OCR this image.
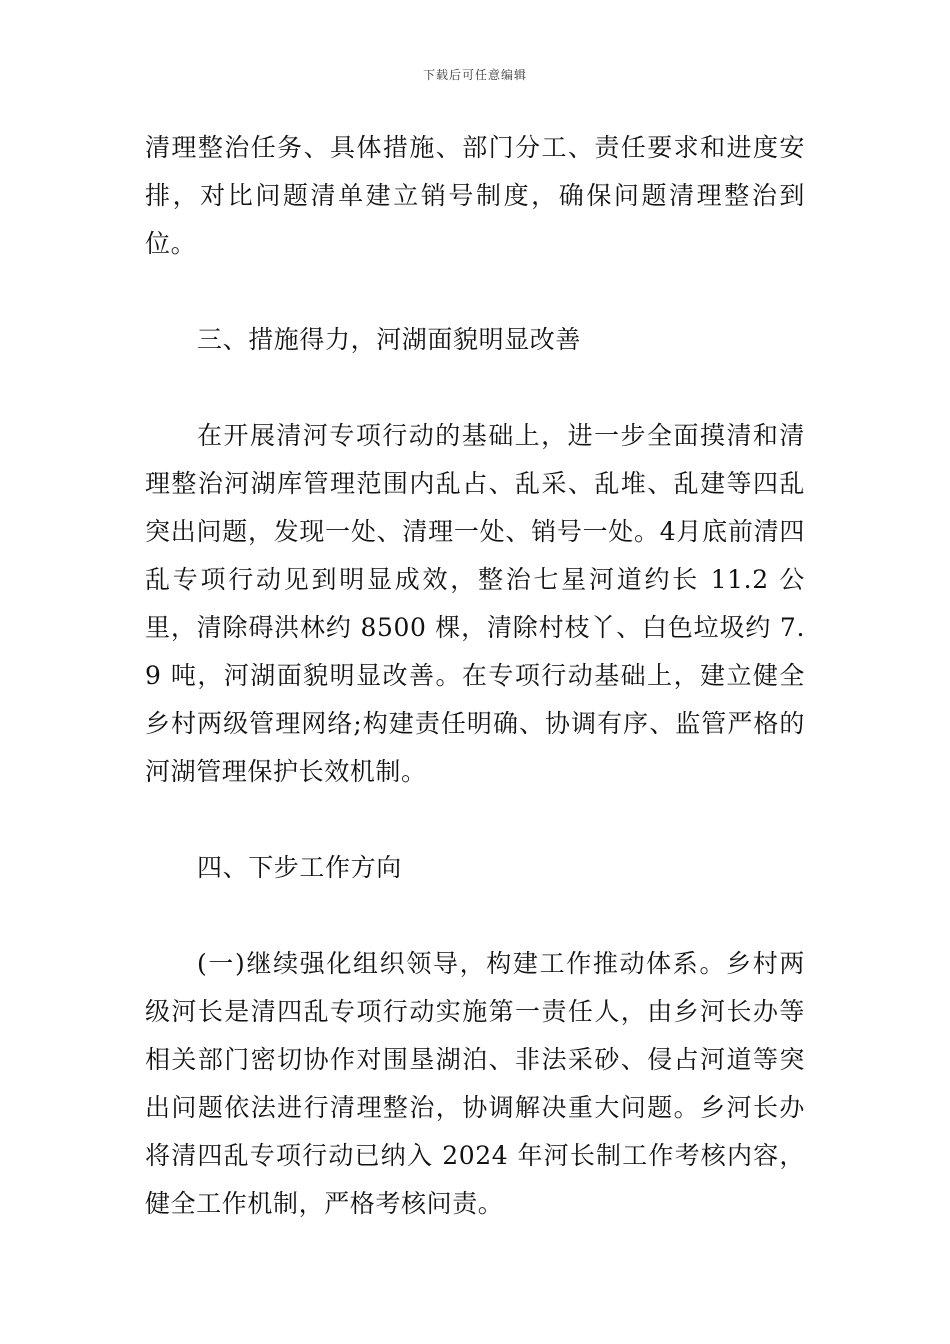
下载后可任意编辑

清理整治任务、具体措施、部门分工、责任要求和进度安排，对比问题清单建立销号制度，确保问题清理整治到位。

三、措施得力，河湖面貌明显改善

在开展清河专项行动的基础上，进一步全面摸清和清理整治河湖库管理范围内乱占、乱采、乱堆、乱建等四乱突出问题，发现一处、清理一处、销号一处。4月底前清四乱专项行动见到明显成效，整治七星河道约长 11.2 公里，清除碍洪林约 8500 棵，清除村枝丫、白色垃圾约 7.9 吨，河湖面貌明显改善。在专项行动基础上，建立健全乡村两级管理网络;构建责任明确、协调有序、监管严格的河湖管理保护长效机制。

四、下步工作方向

(一)继续强化组织领导，构建工作推动体系。乡村两级河长是清四乱专项行动实施第一责任人，由乡河长办等相关部门密切协作对围垦湖泊、非法采砂、侵占河道等突出问题依法进行清理整治，协调解决重大问题。乡河长办将清四乱专项行动已纳入 2024 年河长制工作考核内容，健全工作机制，严格考核问责。
